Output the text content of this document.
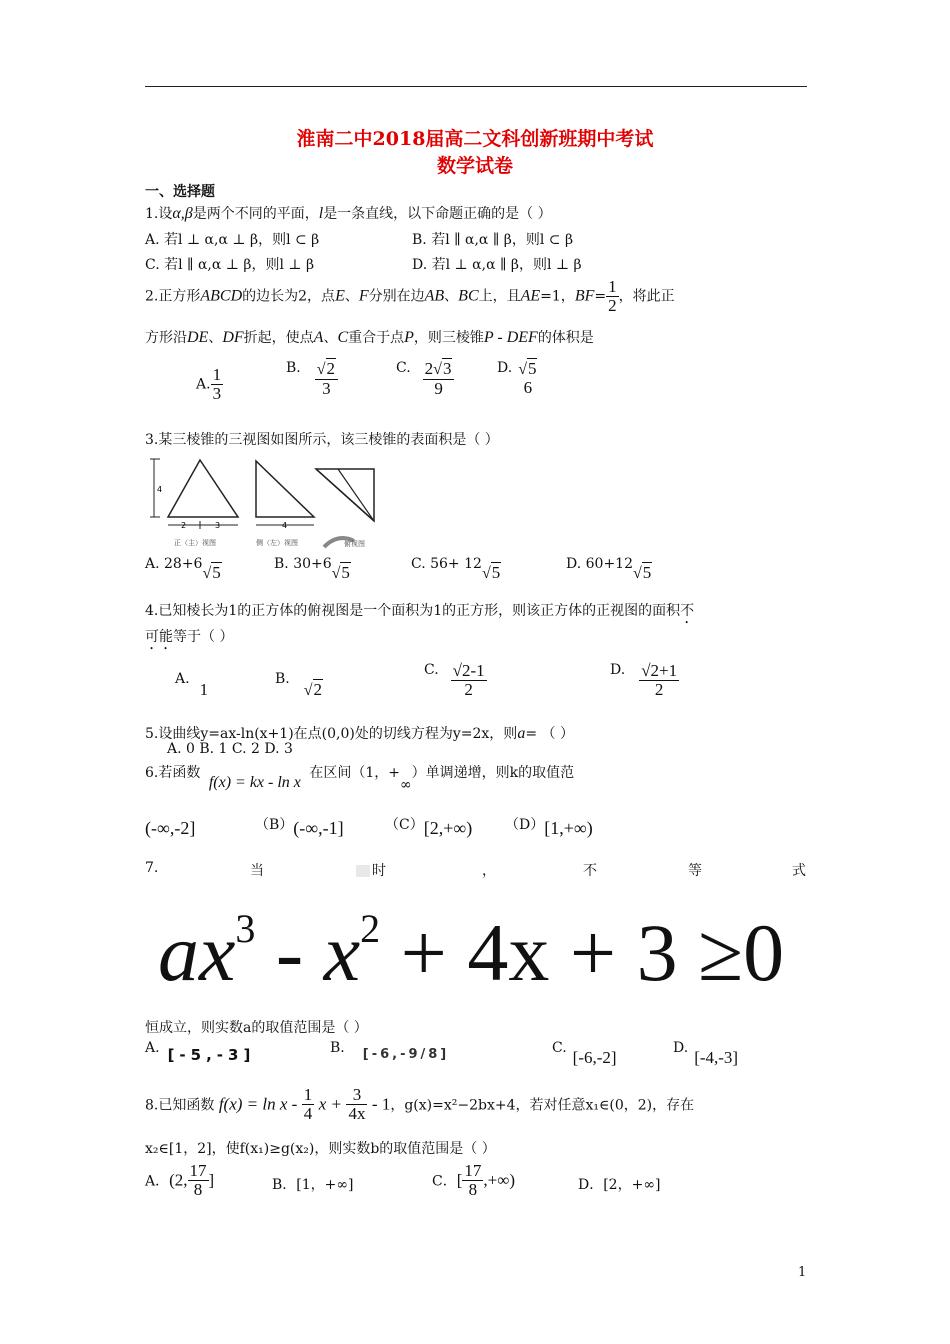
淮南二中2018届高二文科创新班期中考试
数学试卷
一、选择题
1.设α,β是两个不同的平面，l是一条直线，以下命题正确的是（ ）
A. 若l ⊥ α,α ⊥ β，则l ⊂ β	B. 若l ∥ α,α ∥ β，则l ⊂ β
C. 若l ∥ α,α ⊥ β，则l ⊥ β	D. 若l ⊥ α,α ∥ β，则l ⊥ β
2.正方形ABCD的边长为2，点E、F分别在边AB、BC上，且AE=1，$BF= \frac{1}{2}$ ，将此正
方形沿DE、DF折起，使点A、C重合于点P，则三棱锥P - DEF的体积是
A. $\frac{1}{3}$	B. $\frac{√2}{3}$	C. $\frac{2√3}{9}$	D. √5
6
3.某三棱锥的三视图如图所示，该三棱锥的表面积是（ ）
4
2	3
正（主）视图
4
侧（左）视图	俯视图
A. 28+6√5	B. 30+6√5	C. 56+ 12√5	D. 60+12√5
4.已知棱长为1的正方体的俯视图是一个面积为1的正方形，则该正方体的正视图的面积不
可能等于（ ）
A.1
B.√2
C. $\frac{√2-1}{2}$	D. $\frac{√2+1}{2}$
5.设曲线y=ax-ln(x+1)在点(0,0)处的切线方程为y=2x，则a= （ ）
A. 0 B. 1 C. 2 D. 3
6.若函数 f(x) = kx - ln x 在区间（1，+∞）单调递增，则k的取值范
(-∞,-2]	（B）(-∞,-1]	（C）[2,+∞) （D）[1,+∞)
7.	当	时	，	不	等	式
$ax^3 - x^2 + 4x + 3 \ge 0$
恒成立，则实数a的取值范围是（ ）
A. [-5,-3]	B. [-6,-9/8]	C. [-6,-2]	D. [-4,-3]
8.已知函数 $f(x) = \ln x - \frac{1}{4}$ $x + \frac{3}{4x} - 1$，g(x)=x²−2bx+4，若对任意x₁∈(0，2)，存在
x₂∈[1，2]，使f(x₁)≥g(x₂)，则实数b的取值范围是（ ）
A．(2, $\frac{17}{8}$ ]	B．[1，+∞]	C．[ $\frac{17}{8}$ ,+∞)	D．[2，+∞]
1
